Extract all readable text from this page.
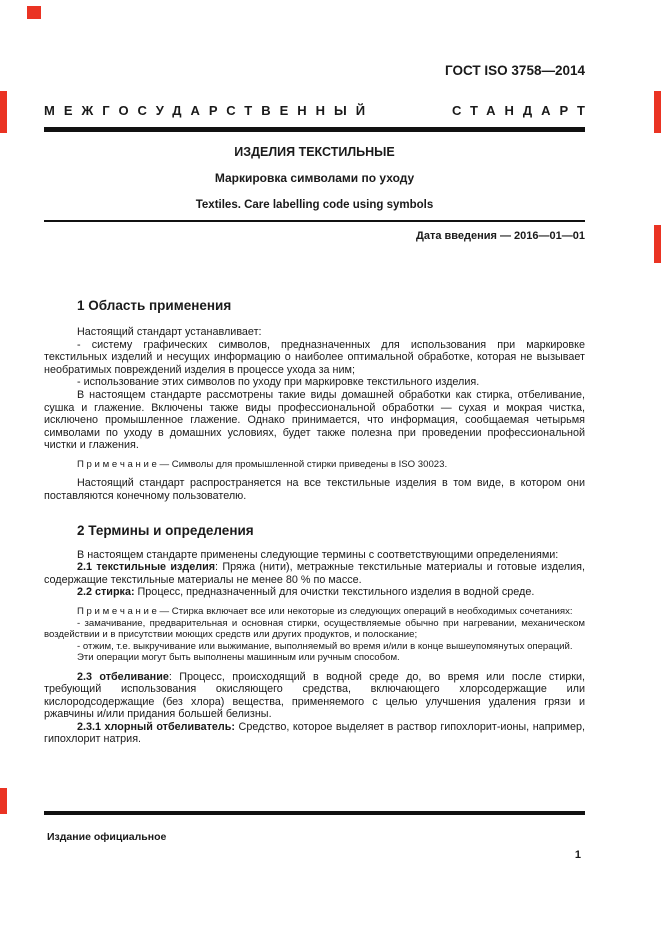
ГОСТ ISO 3758—2014
МЕЖГОСУДАРСТВЕННЫЙ	СТАНДАРТ
ИЗДЕЛИЯ ТЕКСТИЛЬНЫЕ
Маркировка символами по уходу
Textiles. Care labelling code using symbols
Дата введения — 2016—01—01
1 Область применения

Настоящий стандарт устанавливает:

- систему графических символов, предназначенных для использования при маркировке текстильных изделий и несущих информацию о наиболее оптимальной обработке, которая не вызывает необратимых повреждений изделия в процессе ухода за ним;

- использование этих символов по уходу при маркировке текстильного изделия.

В настоящем стандарте рассмотрены такие виды домашней обработки как стирка, отбеливание, сушка и глажение. Включены также виды профессиональной обработки — сухая и мокрая чистка, исключено промышленное глажение. Однако принимается, что информация, сообщаемая четырьмя символами по уходу в домашних условиях, будет также полезна при проведении профессиональной чистки и глажения.

П р и м е ч а н и е — Символы для промышленной стирки приведены в ISO 30023.

Настоящий стандарт распространяется на все текстильные изделия в том виде, в котором они поставляются конечному пользователю.

2 Термины и определения

В настоящем стандарте применены следующие термины с соответствующими определениями:

2.1 текстильные изделия: Пряжа (нити), метражные текстильные материалы и готовые изделия, содержащие текстильные материалы не менее 80 % по массе.

2.2 стирка: Процесс, предназначенный для очистки текстильного изделия в водной среде.

П р и м е ч а н и е — Стирка включает все или некоторые из следующих операций в необходимых сочетаниях:

- замачивание, предварительная и основная стирки, осуществляемые обычно при нагревании, механическом воздействии и в присутствии моющих средств или других продуктов, и полоскание;

- отжим, т.е. выкручивание или выжимание, выполняемый во время и/или в конце вышеупомянутых операций.

Эти операции могут быть выполнены машинным или ручным способом.

2.3 отбеливание: Процесс, происходящий в водной среде до, во время или после стирки, требующий использования окисляющего средства, включающего хлорсодержащие или кислородсодержащие (без хлора) вещества, применяемого с целью улучшения удаления грязи и ржавчины и/или придания большей белизны.

2.3.1 хлорный отбеливатель: Средство, которое выделяет в раствор гипохлорит-ионы, например, гипохлорит натрия.

Издание официальное
1
